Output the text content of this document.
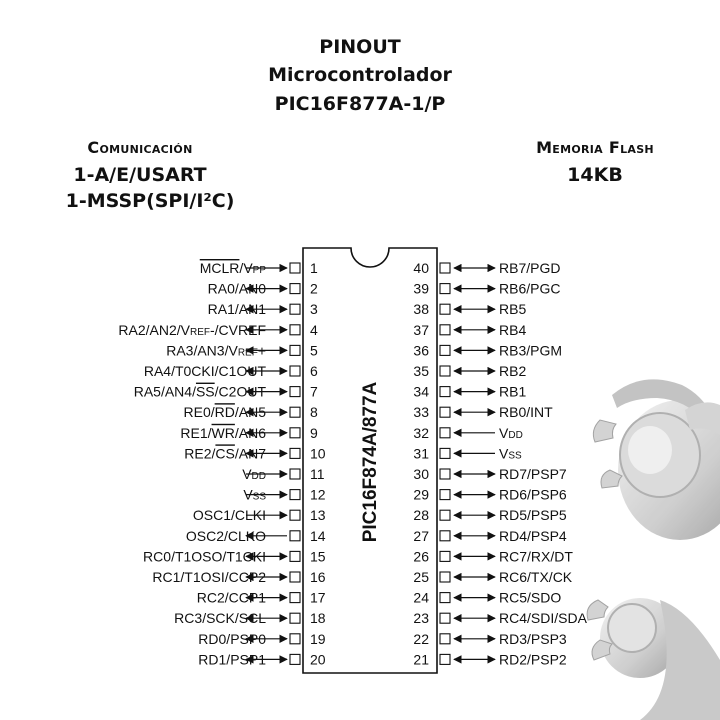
PINOUT
Microcontrolador
PIC16F877A-1/P
Comunicación
1-A/E/USART
1-MSSP(SPI/I²C)
Memoria Flash
14KB
PIC16F874A/877A
MCLR/VPP	1
RA0/AN0	2
RA1/AN1	3
RA2/AN2/VREF-/CVREF	4
RA3/AN3/VREF+	5
RA4/T0CKI/C1OUT	6
RA5/AN4/SS/C2OUT	7
RE0/RD/AN5	8
RE1/WR/AN6	9
RE2/CS/AN7	10
VDD	11
VSS	12
OSC1/CLKI	13
OSC2/CLKO	14
RC0/T1OSO/T1CKI	15
RC1/T1OSI/CCP2	16
RC2/CCP1	17
RC3/SCK/SCL	18
RD0/PSP0	19
RD1/PSP1	20
40	RB7/PGD
39	RB6/PGC
38	RB5
37	RB4
36	RB3/PGM
35	RB2
34	RB1
33	RB0/INT
32	VDD
31	VSS
30	RD7/PSP7
29	RD6/PSP6
28	RD5/PSP5
27	RD4/PSP4
26	RC7/RX/DT
25	RC6/TX/CK
24	RC5/SDO
23	RC4/SDI/SDA
22	RD3/PSP3
21	RD2/PSP2
